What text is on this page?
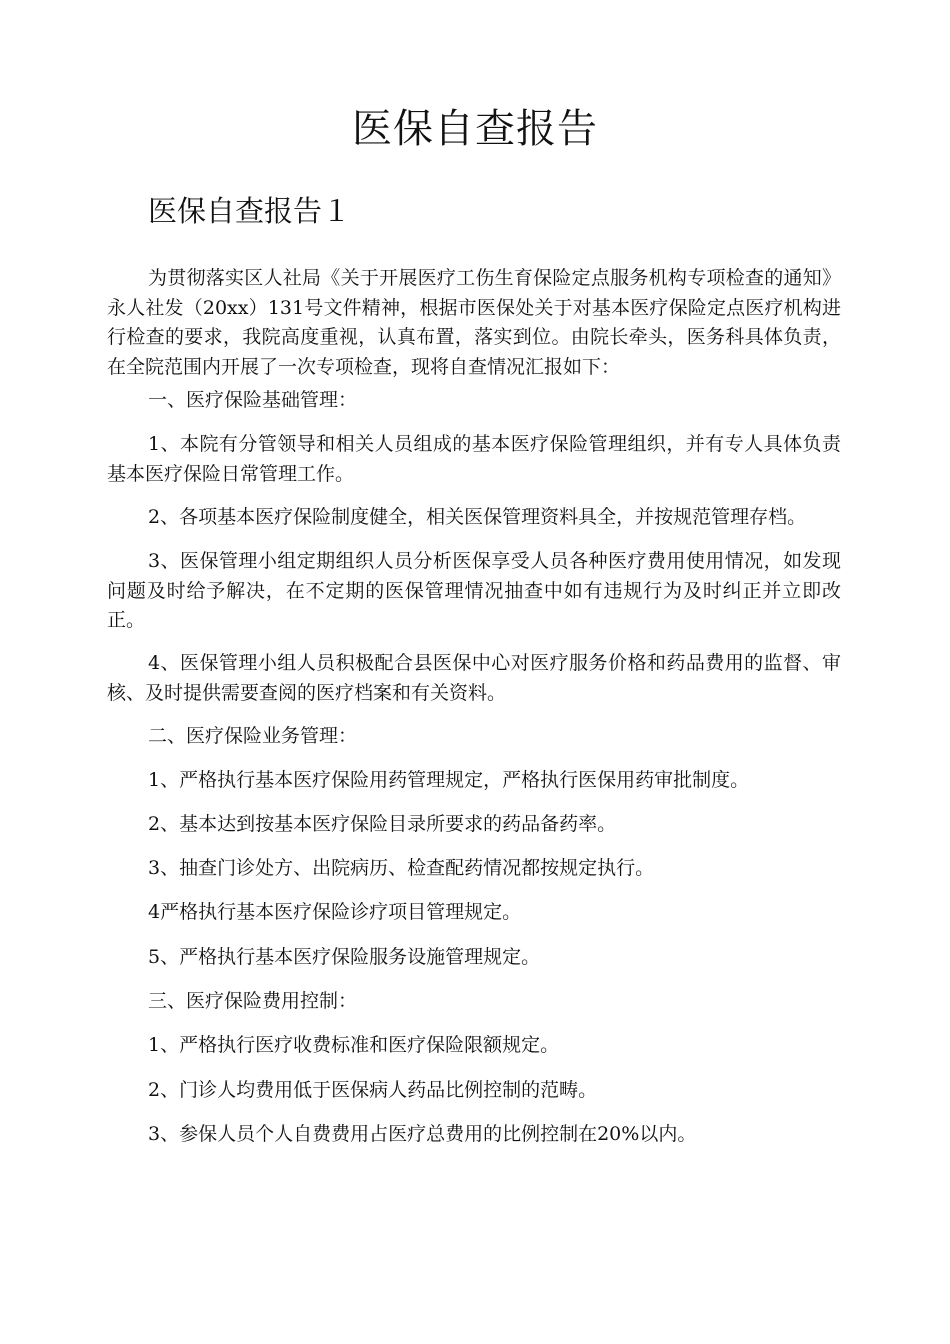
医保自查报告
医保自查报告１

为贯彻落实区人社局《关于开展医疗工伤生育保险定点服务机构专项检查的通知》永人社发（20xx）131号文件精神，根据市医保处关于对基本医疗保险定点医疗机构进行检查的要求，我院高度重视，认真布置，落实到位。由院长牵头，医务科具体负责，在全院范围内开展了一次专项检查，现将自查情况汇报如下：

一、医疗保险基础管理：

1、本院有分管领导和相关人员组成的基本医疗保险管理组织，并有专人具体负责基本医疗保险日常管理工作。

2、各项基本医疗保险制度健全，相关医保管理资料具全，并按规范管理存档。

3、医保管理小组定期组织人员分析医保享受人员各种医疗费用使用情况，如发现问题及时给予解决，在不定期的医保管理情况抽查中如有违规行为及时纠正并立即改正。

4、医保管理小组人员积极配合县医保中心对医疗服务价格和药品费用的监督、审核、及时提供需要查阅的医疗档案和有关资料。

二、医疗保险业务管理：

1、严格执行基本医疗保险用药管理规定，严格执行医保用药审批制度。

2、基本达到按基本医疗保险目录所要求的药品备药率。

3、抽查门诊处方、出院病历、检查配药情况都按规定执行。

4严格执行基本医疗保险诊疗项目管理规定。

5、严格执行基本医疗保险服务设施管理规定。

三、医疗保险费用控制：

1、严格执行医疗收费标准和医疗保险限额规定。

2、门诊人均费用低于医保病人药品比例控制的范畴。

3、参保人员个人自费费用占医疗总费用的比例控制在20%以内。
